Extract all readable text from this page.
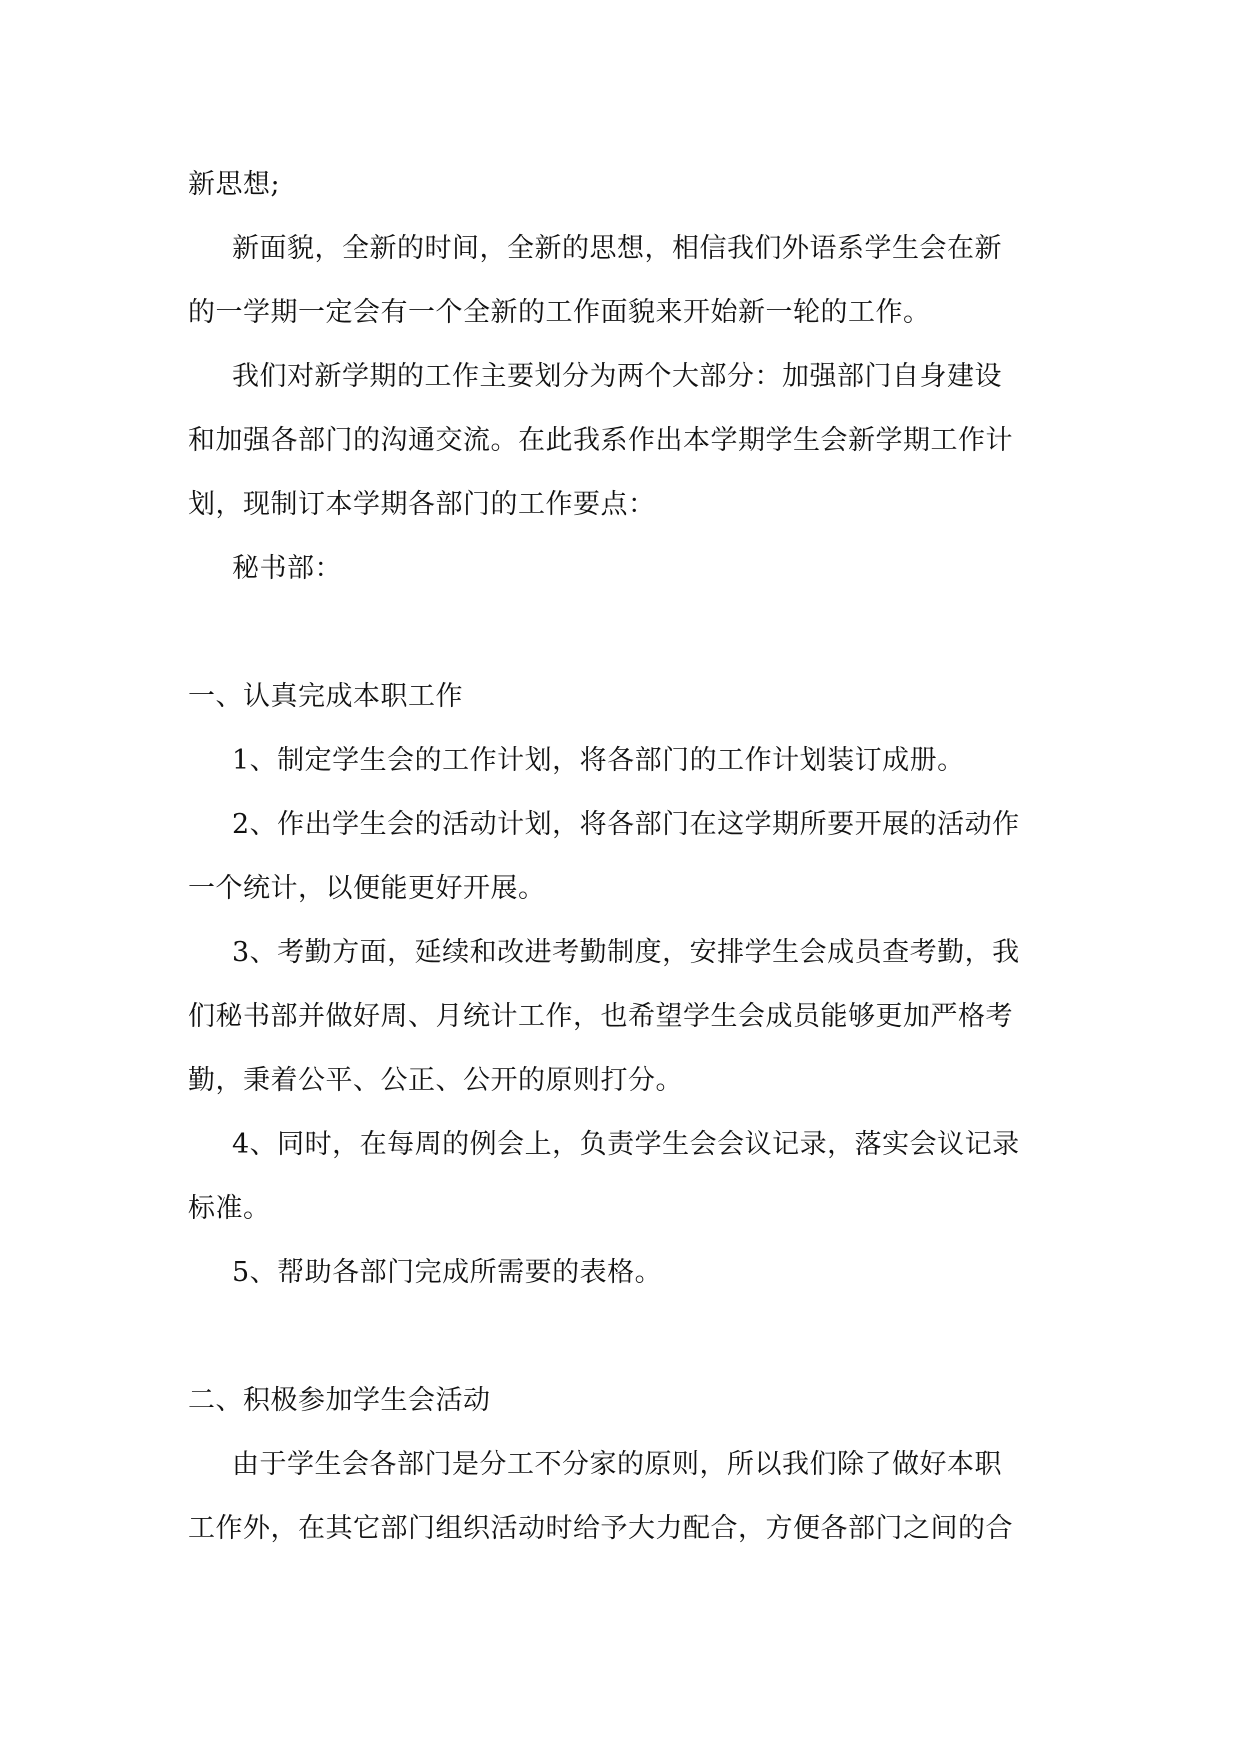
新思想;
新面貌，全新的时间，全新的思想，相信我们外语系学生会在新
的一学期一定会有一个全新的工作面貌来开始新一轮的工作。
我们对新学期的工作主要划分为两个大部分：加强部门自身建设
和加强各部门的沟通交流。在此我系作出本学期学生会新学期工作计
划，现制订本学期各部门的工作要点：
秘书部：
一、认真完成本职工作
1、制定学生会的工作计划，将各部门的工作计划装订成册。
2、作出学生会的活动计划，将各部门在这学期所要开展的活动作
一个统计，以便能更好开展。
3、考勤方面，延续和改进考勤制度，安排学生会成员查考勤，我
们秘书部并做好周、月统计工作，也希望学生会成员能够更加严格考
勤，秉着公平、公正、公开的原则打分。
4、同时，在每周的例会上，负责学生会会议记录，落实会议记录
标准。
5、帮助各部门完成所需要的表格。
二、积极参加学生会活动
由于学生会各部门是分工不分家的原则，所以我们除了做好本职
工作外，在其它部门组织活动时给予大力配合，方便各部门之间的合
